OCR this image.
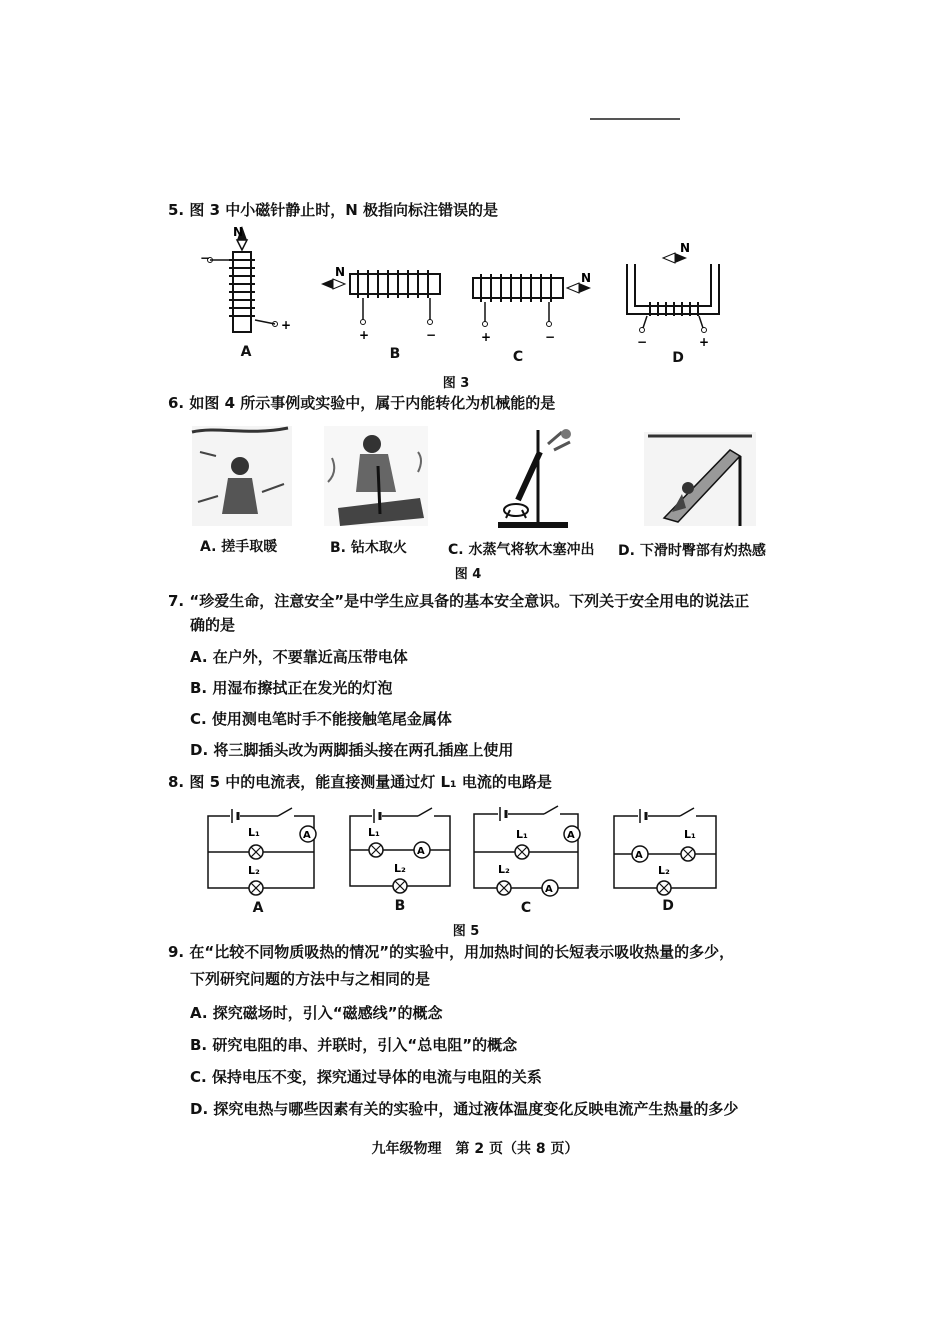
5. 图 3 中小磁针静止时，N 极指向标注错误的是
N
−
+
N
+	−
N
+	−
N
−	+
A	B	C	D
图 3
6. 如图 4 所示事例或实验中，属于内能转化为机械能的是
A. 搓手取暖	B. 钻木取火	C. 水蒸气将软木塞冲出 D. 下滑时臀部有灼热感
图 4
7. “珍爱生命，注意安全”是中学生应具备的基本安全意识。下列关于安全用电的说法正
确的是
A. 在户外，不要靠近高压带电体
B. 用湿布擦拭正在发光的灯泡
C. 使用测电笔时手不能接触笔尾金属体
D. 将三脚插头改为两脚插头接在两孔插座上使用
8. 图 5 中的电流表，能直接测量通过灯 L₁ 电流的电路是
A
L₁
L₂
A
L₁
L₂
A
A
L₁
L₂
A
L₁
L₂
A	B	C	D
图 5
9. 在“比较不同物质吸热的情况”的实验中，用加热时间的长短表示吸收热量的多少，
下列研究问题的方法中与之相同的是
A. 探究磁场时，引入“磁感线”的概念
B. 研究电阻的串、并联时，引入“总电阻”的概念
C. 保持电压不变，探究通过导体的电流与电阻的关系
D. 探究电热与哪些因素有关的实验中，通过液体温度变化反映电流产生热量的多少
九年级物理　第 2 页（共 8 页）
